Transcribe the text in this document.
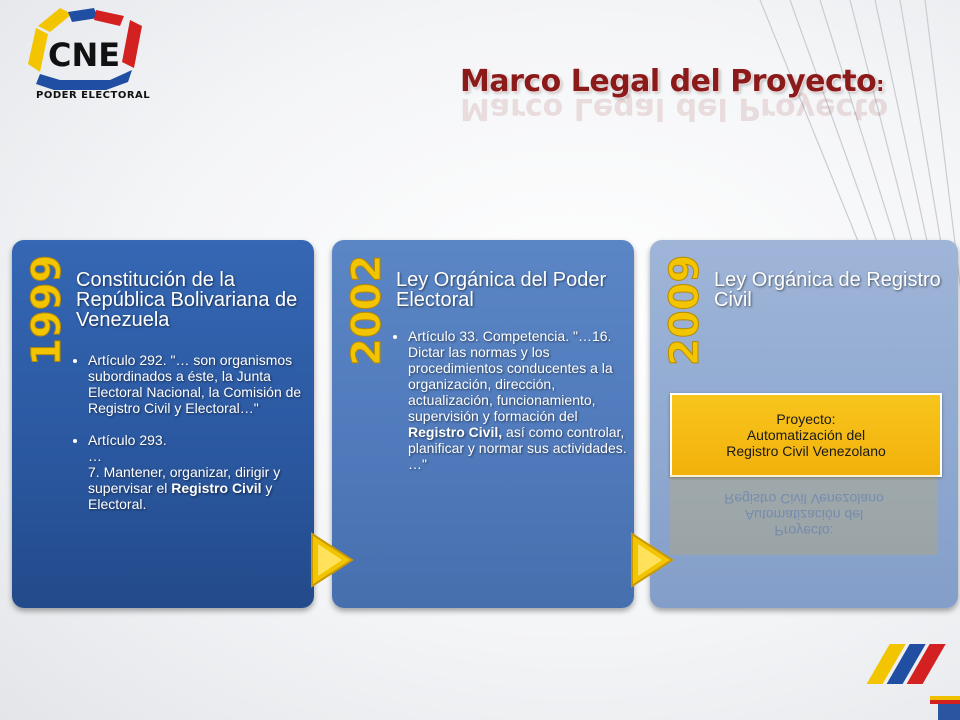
CNE
PODER ELECTORAL	Marco Legal del Proyecto:
Marco Legal del Proyecto
1999 Constitución de la República Bolivariana de Venezuela
• Artículo 292. "… son organismos subordinados a éste, la Junta Electoral Nacional, la Comisión de Registro Civil y Electoral…"
• Artículo 293.
…
7. Mantener, organizar, dirigir y supervisar el Registro Civil y Electoral.
2002 Ley Orgánica del Poder Electoral
• Artículo 33. Competencia. "…16. Dictar las normas y los procedimientos conducentes a la organización, dirección, actualización, funcionamiento, supervisión y formación del Registro Civil, así como controlar, planificar y normar sus actividades. …"
2009 Ley Orgánica de Registro Civil
Proyecto:
Automatización del
Registro Civil Venezolano
Proyecto:
Automatización del
Registro Civil Venezolano
